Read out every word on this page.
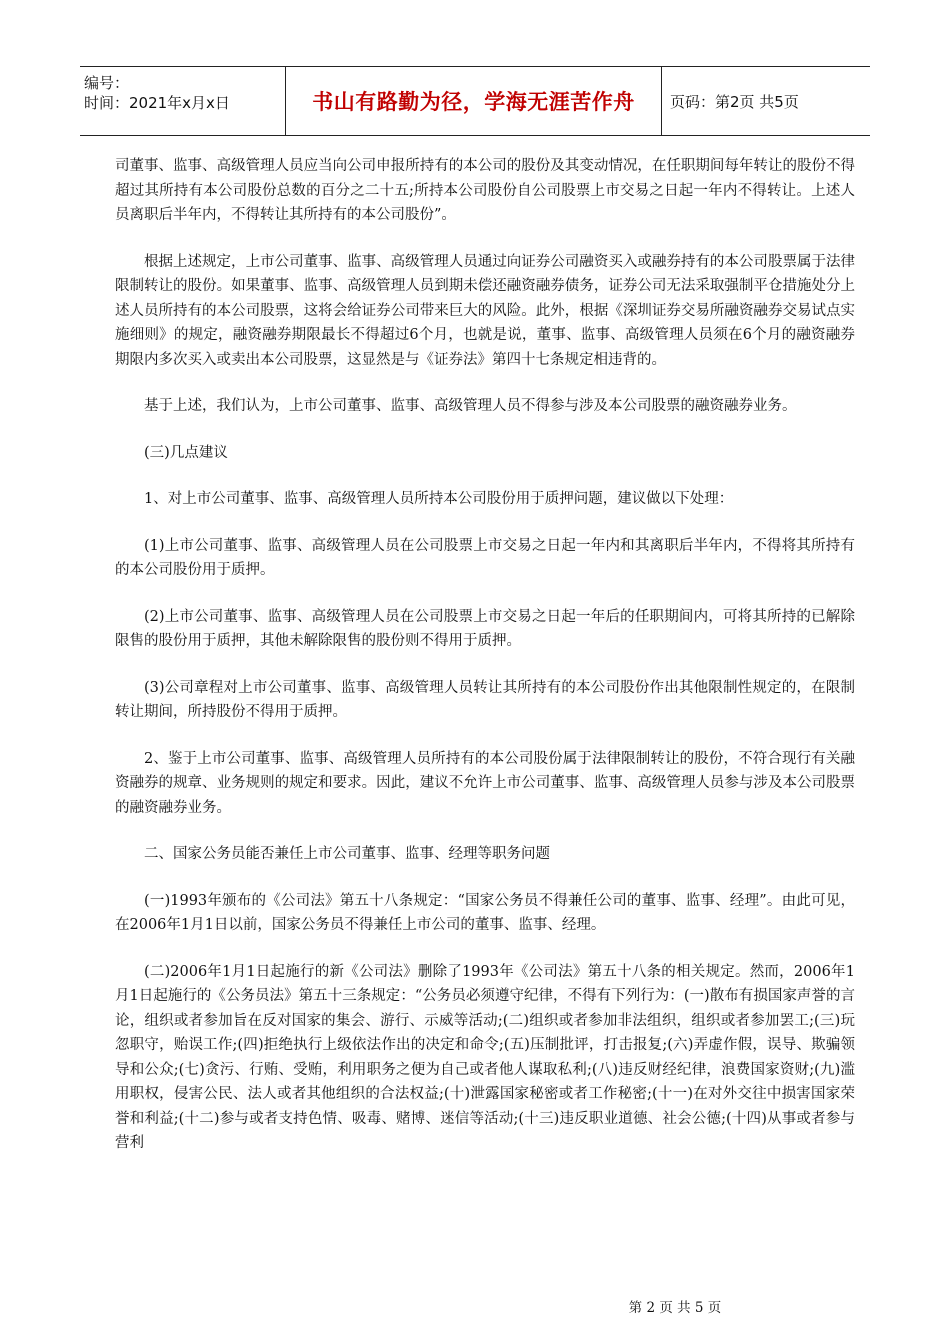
编号：
时间：2021年x月x日	书山有路勤为径，学海无涯苦作舟	页码：第2页 共5页

司董事、监事、高级管理人员应当向公司申报所持有的本公司的股份及其变动情况，在任职期间每年转让的股份不得超过其所持有本公司股份总数的百分之二十五;所持本公司股份自公司股票上市交易之日起一年内不得转让。上述人员离职后半年内，不得转让其所持有的本公司股份”。

根据上述规定，上市公司董事、监事、高级管理人员通过向证券公司融资买入或融券持有的本公司股票属于法律限制转让的股份。如果董事、监事、高级管理人员到期未偿还融资融券债务，证券公司无法采取强制平仓措施处分上述人员所持有的本公司股票，这将会给证券公司带来巨大的风险。此外，根据《深圳证券交易所融资融券交易试点实施细则》的规定，融资融券期限最长不得超过6个月，也就是说，董事、监事、高级管理人员须在6个月的融资融券期限内多次买入或卖出本公司股票，这显然是与《证券法》第四十七条规定相违背的。

基于上述，我们认为，上市公司董事、监事、高级管理人员不得参与涉及本公司股票的融资融券业务。

(三)几点建议

1、对上市公司董事、监事、高级管理人员所持本公司股份用于质押问题，建议做以下处理：

(1)上市公司董事、监事、高级管理人员在公司股票上市交易之日起一年内和其离职后半年内，不得将其所持有的本公司股份用于质押。

(2)上市公司董事、监事、高级管理人员在公司股票上市交易之日起一年后的任职期间内，可将其所持的已解除限售的股份用于质押，其他未解除限售的股份则不得用于质押。

(3)公司章程对上市公司董事、监事、高级管理人员转让其所持有的本公司股份作出其他限制性规定的，在限制转让期间，所持股份不得用于质押。

2、鉴于上市公司董事、监事、高级管理人员所持有的本公司股份属于法律限制转让的股份，不符合现行有关融资融券的规章、业务规则的规定和要求。因此，建议不允许上市公司董事、监事、高级管理人员参与涉及本公司股票的融资融券业务。

二、国家公务员能否兼任上市公司董事、监事、经理等职务问题

(一)1993年颁布的《公司法》第五十八条规定：“国家公务员不得兼任公司的董事、监事、经理”。由此可见，在2006年1月1日以前，国家公务员不得兼任上市公司的董事、监事、经理。

(二)2006年1月1日起施行的新《公司法》删除了1993年《公司法》第五十八条的相关规定。然而，2006年1月1日起施行的《公务员法》第五十三条规定：“公务员必须遵守纪律，不得有下列行为：(一)散布有损国家声誉的言论，组织或者参加旨在反对国家的集会、游行、示威等活动;(二)组织或者参加非法组织，组织或者参加罢工;(三)玩忽职守，贻误工作;(四)拒绝执行上级依法作出的决定和命令;(五)压制批评，打击报复;(六)弄虚作假，误导、欺骗领导和公众;(七)贪污、行贿、受贿，利用职务之便为自己或者他人谋取私利;(八)违反财经纪律，浪费国家资财;(九)滥用职权，侵害公民、法人或者其他组织的合法权益;(十)泄露国家秘密或者工作秘密;(十一)在对外交往中损害国家荣誉和利益;(十二)参与或者支持色情、吸毒、赌博、迷信等活动;(十三)违反职业道德、社会公德;(十四)从事或者参与营利

第 2 页 共 5 页
